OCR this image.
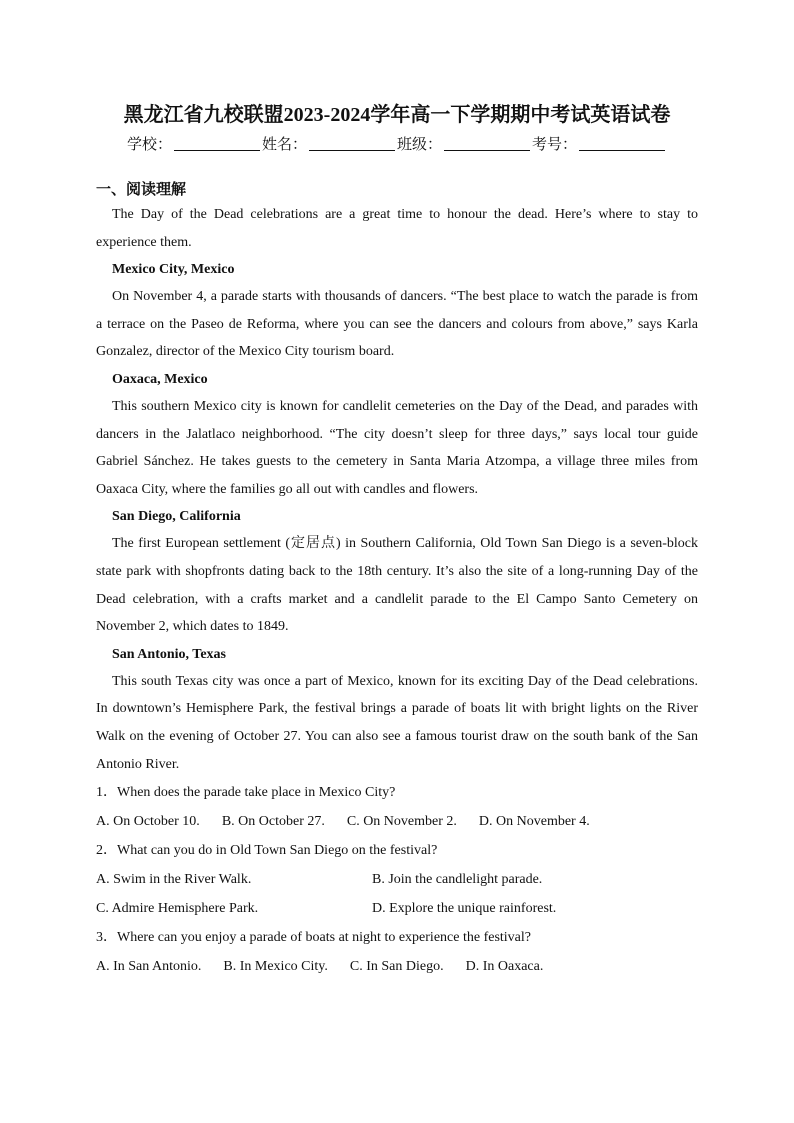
黑龙江省九校联盟2023-2024学年高一下学期期中考试英语试卷
学校：	姓名：	班级：	考号：
一、阅读理解

The Day of the Dead celebrations are a great time to honour the dead. Here’s where to stay to experience them.

Mexico City, Mexico

On November 4, a parade starts with thousands of dancers. “The best place to watch the parade is from a terrace on the Paseo de Reforma, where you can see the dancers and colours from above,” says Karla Gonzalez, director of the Mexico City tourism board.

Oaxaca, Mexico

This southern Mexico city is known for candlelit cemeteries on the Day of the Dead, and parades with dancers in the Jalatlaco neighborhood. “The city doesn’t sleep for three days,” says local tour guide Gabriel Sánchez. He takes guests to the cemetery in Santa Maria Atzompa, a village three miles from Oaxaca City, where the families go all out with candles and flowers.

San Diego, California

The first European settlement (定居点) in Southern California, Old Town San Diego is a seven-block state park with shopfronts dating back to the 18th century. It’s also the site of a long-running Day of the Dead celebration, with a crafts market and a candlelit parade to the El Campo Santo Cemetery on November 2, which dates to 1849.

San Antonio, Texas

This south Texas city was once a part of Mexico, known for its exciting Day of the Dead celebrations. In downtown’s Hemisphere Park, the festival brings a parade of boats lit with bright lights on the River Walk on the evening of October 27. You can also see a famous tourist draw on the south bank of the San Antonio River.

1．When does the parade take place in Mexico City?

A. On October 10. B. On October 27. C. On November 2. D. On November 4.

2．What can you do in Old Town San Diego on the festival?

A. Swim in the River Walk.	B. Join the candlelight parade.
C. Admire Hemisphere Park.	D. Explore the unique rainforest.

3．Where can you enjoy a parade of boats at night to experience the festival?

A. In San Antonio. B. In Mexico City. C. In San Diego. D. In Oaxaca.
